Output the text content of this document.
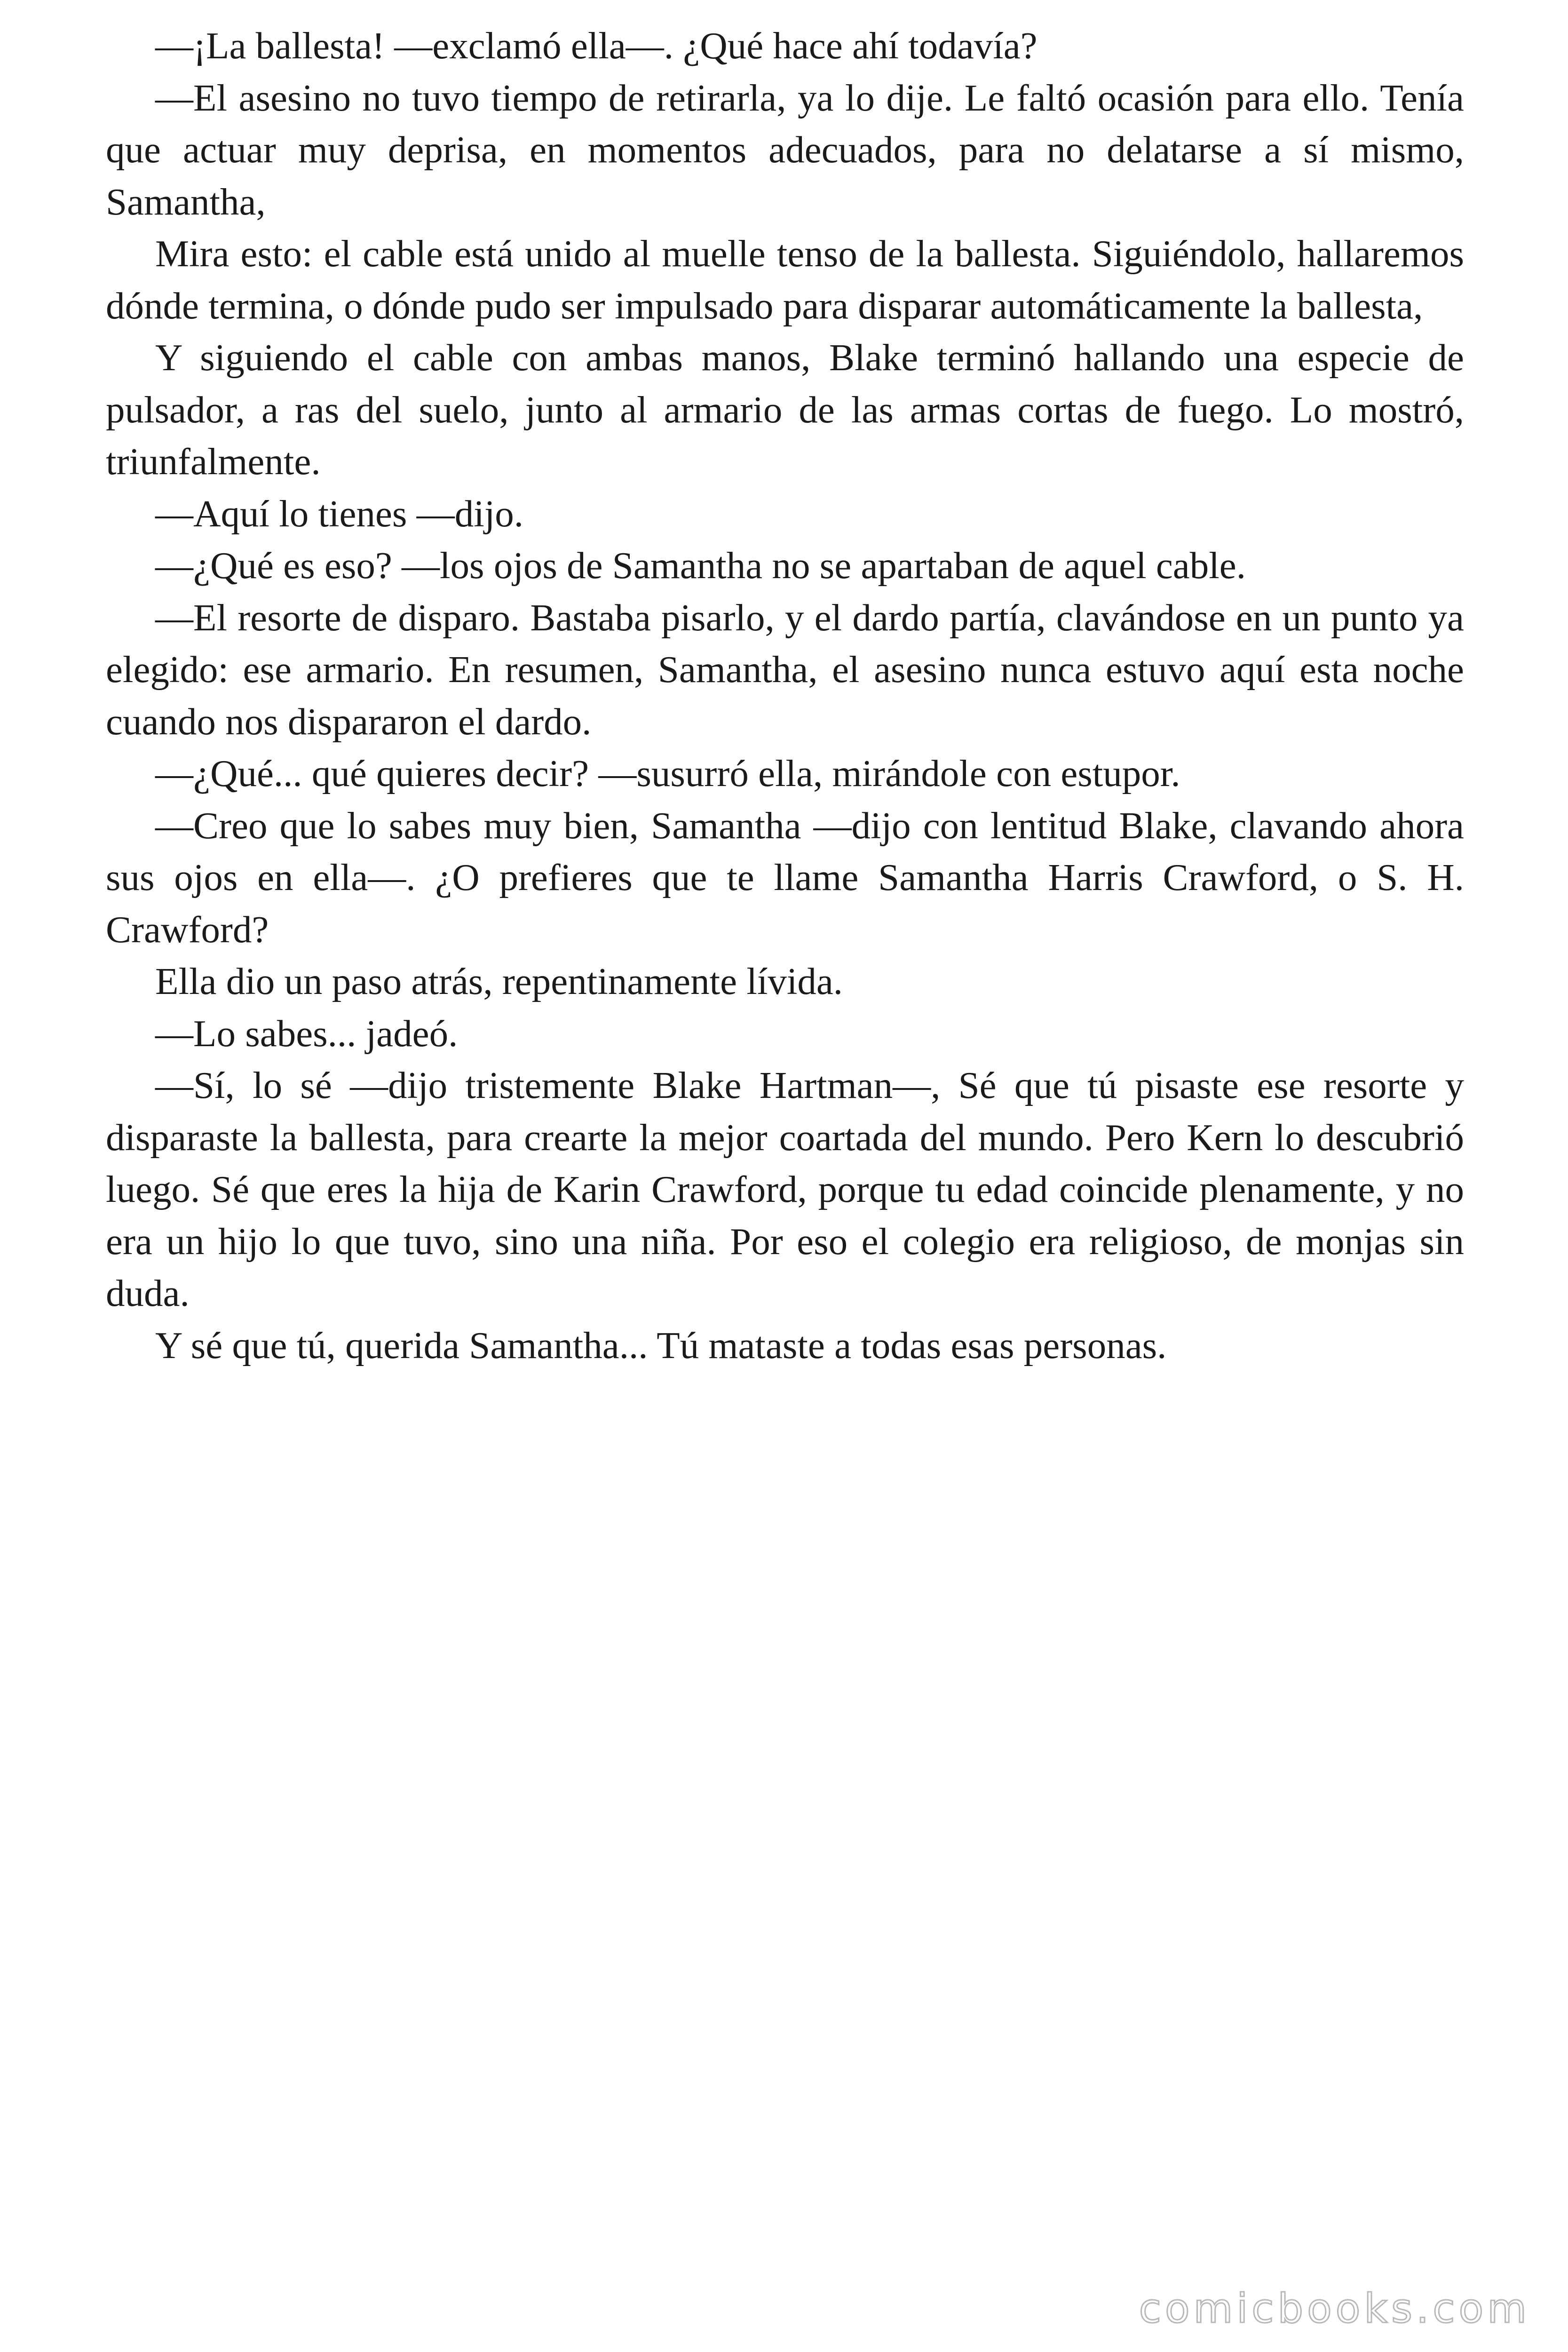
—¡La ballesta! —exclamó ella—. ¿Qué hace ahí todavía?

—El asesino no tuvo tiempo de retirarla, ya lo dije. Le faltó ocasión para ello. Tenía que actuar muy deprisa, en momentos adecuados, para no delatarse a sí mismo, Samantha,

Mira esto: el cable está unido al muelle tenso de la ballesta. Siguiéndolo, hallaremos dónde termina, o dónde pudo ser impulsado para disparar automáticamente la ballesta,

Y siguiendo el cable con ambas manos, Blake terminó hallando una especie de pulsador, a ras del suelo, junto al armario de las armas cortas de fuego. Lo mostró, triunfalmente.

—Aquí lo tienes —dijo.

—¿Qué es eso? —los ojos de Samantha no se apartaban de aquel cable.

—El resorte de disparo. Bastaba pisarlo, y el dardo partía, clavándose en un punto ya elegido: ese armario. En resumen, Samantha, el asesino nunca estuvo aquí esta noche cuando nos dispararon el dardo.

—¿Qué... qué quieres decir? —susurró ella, mirándole con estupor.

—Creo que lo sabes muy bien, Samantha —dijo con lentitud Blake, clavando ahora sus ojos en ella—. ¿O prefieres que te llame Samantha Harris Crawford, o S. H. Crawford?

Ella dio un paso atrás, repentinamente lívida.

—Lo sabes... jadeó.

—Sí, lo sé —dijo tristemente Blake Hartman—, Sé que tú pisaste ese resorte y disparaste la ballesta, para crearte la mejor coartada del mundo. Pero Kern lo descubrió luego. Sé que eres la hija de Karin Crawford, porque tu edad coincide plenamente, y no era un hijo lo que tuvo, sino una niña. Por eso el colegio era religioso, de monjas sin duda.

Y sé que tú, querida Samantha... Tú mataste a todas esas personas.

comicbooks.com
